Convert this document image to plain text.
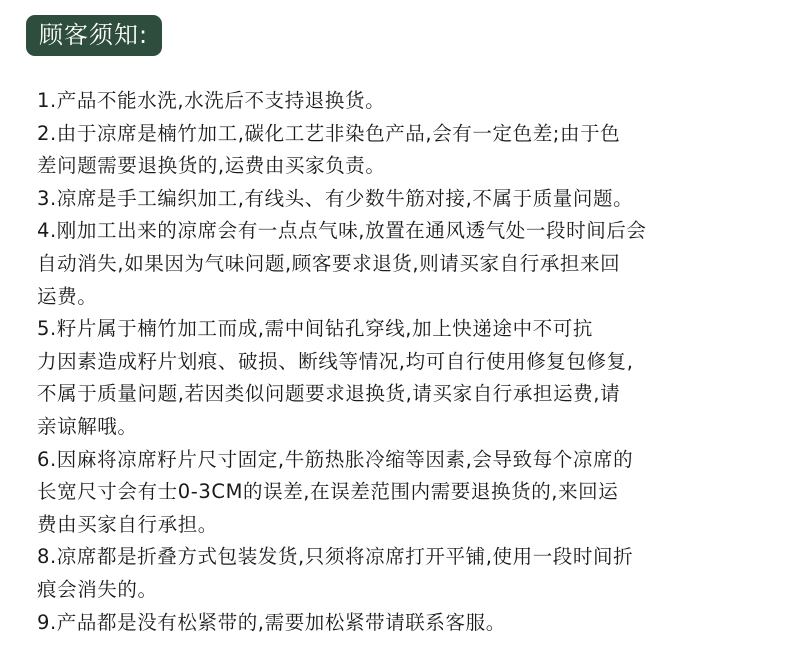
顾客须知:
1.产品不能水洗,水洗后不支持退换货。
2.由于凉席是楠竹加工,碳化工艺非染色产品,会有一定色差;由于色
差问题需要退换货的,运费由买家负责。
3.凉席是手工编织加工,有线头、有少数牛筋对接,不属于质量问题。
4.刚加工出来的凉席会有一点点气味,放置在通风透气处一段时间后会
自动消失,如果因为气味问题,顾客要求退货,则请买家自行承担来回
运费。
5.籽片属于楠竹加工而成,需中间钻孔穿线,加上快递途中不可抗
力因素造成籽片划痕、破损、断线等情况,均可自行使用修复包修复,
不属于质量问题,若因类似问题要求退换货,请买家自行承担运费,请
亲谅解哦。
6.因麻将凉席籽片尺寸固定,牛筋热胀冷缩等因素,会导致每个凉席的
长宽尺寸会有士0-3CM的误差,在误差范围内需要退换货的,来回运
费由买家自行承担。
8.凉席都是折叠方式包装发货,只须将凉席打开平铺,使用一段时间折
痕会消失的。
9.产品都是没有松紧带的,需要加松紧带请联系客服。
